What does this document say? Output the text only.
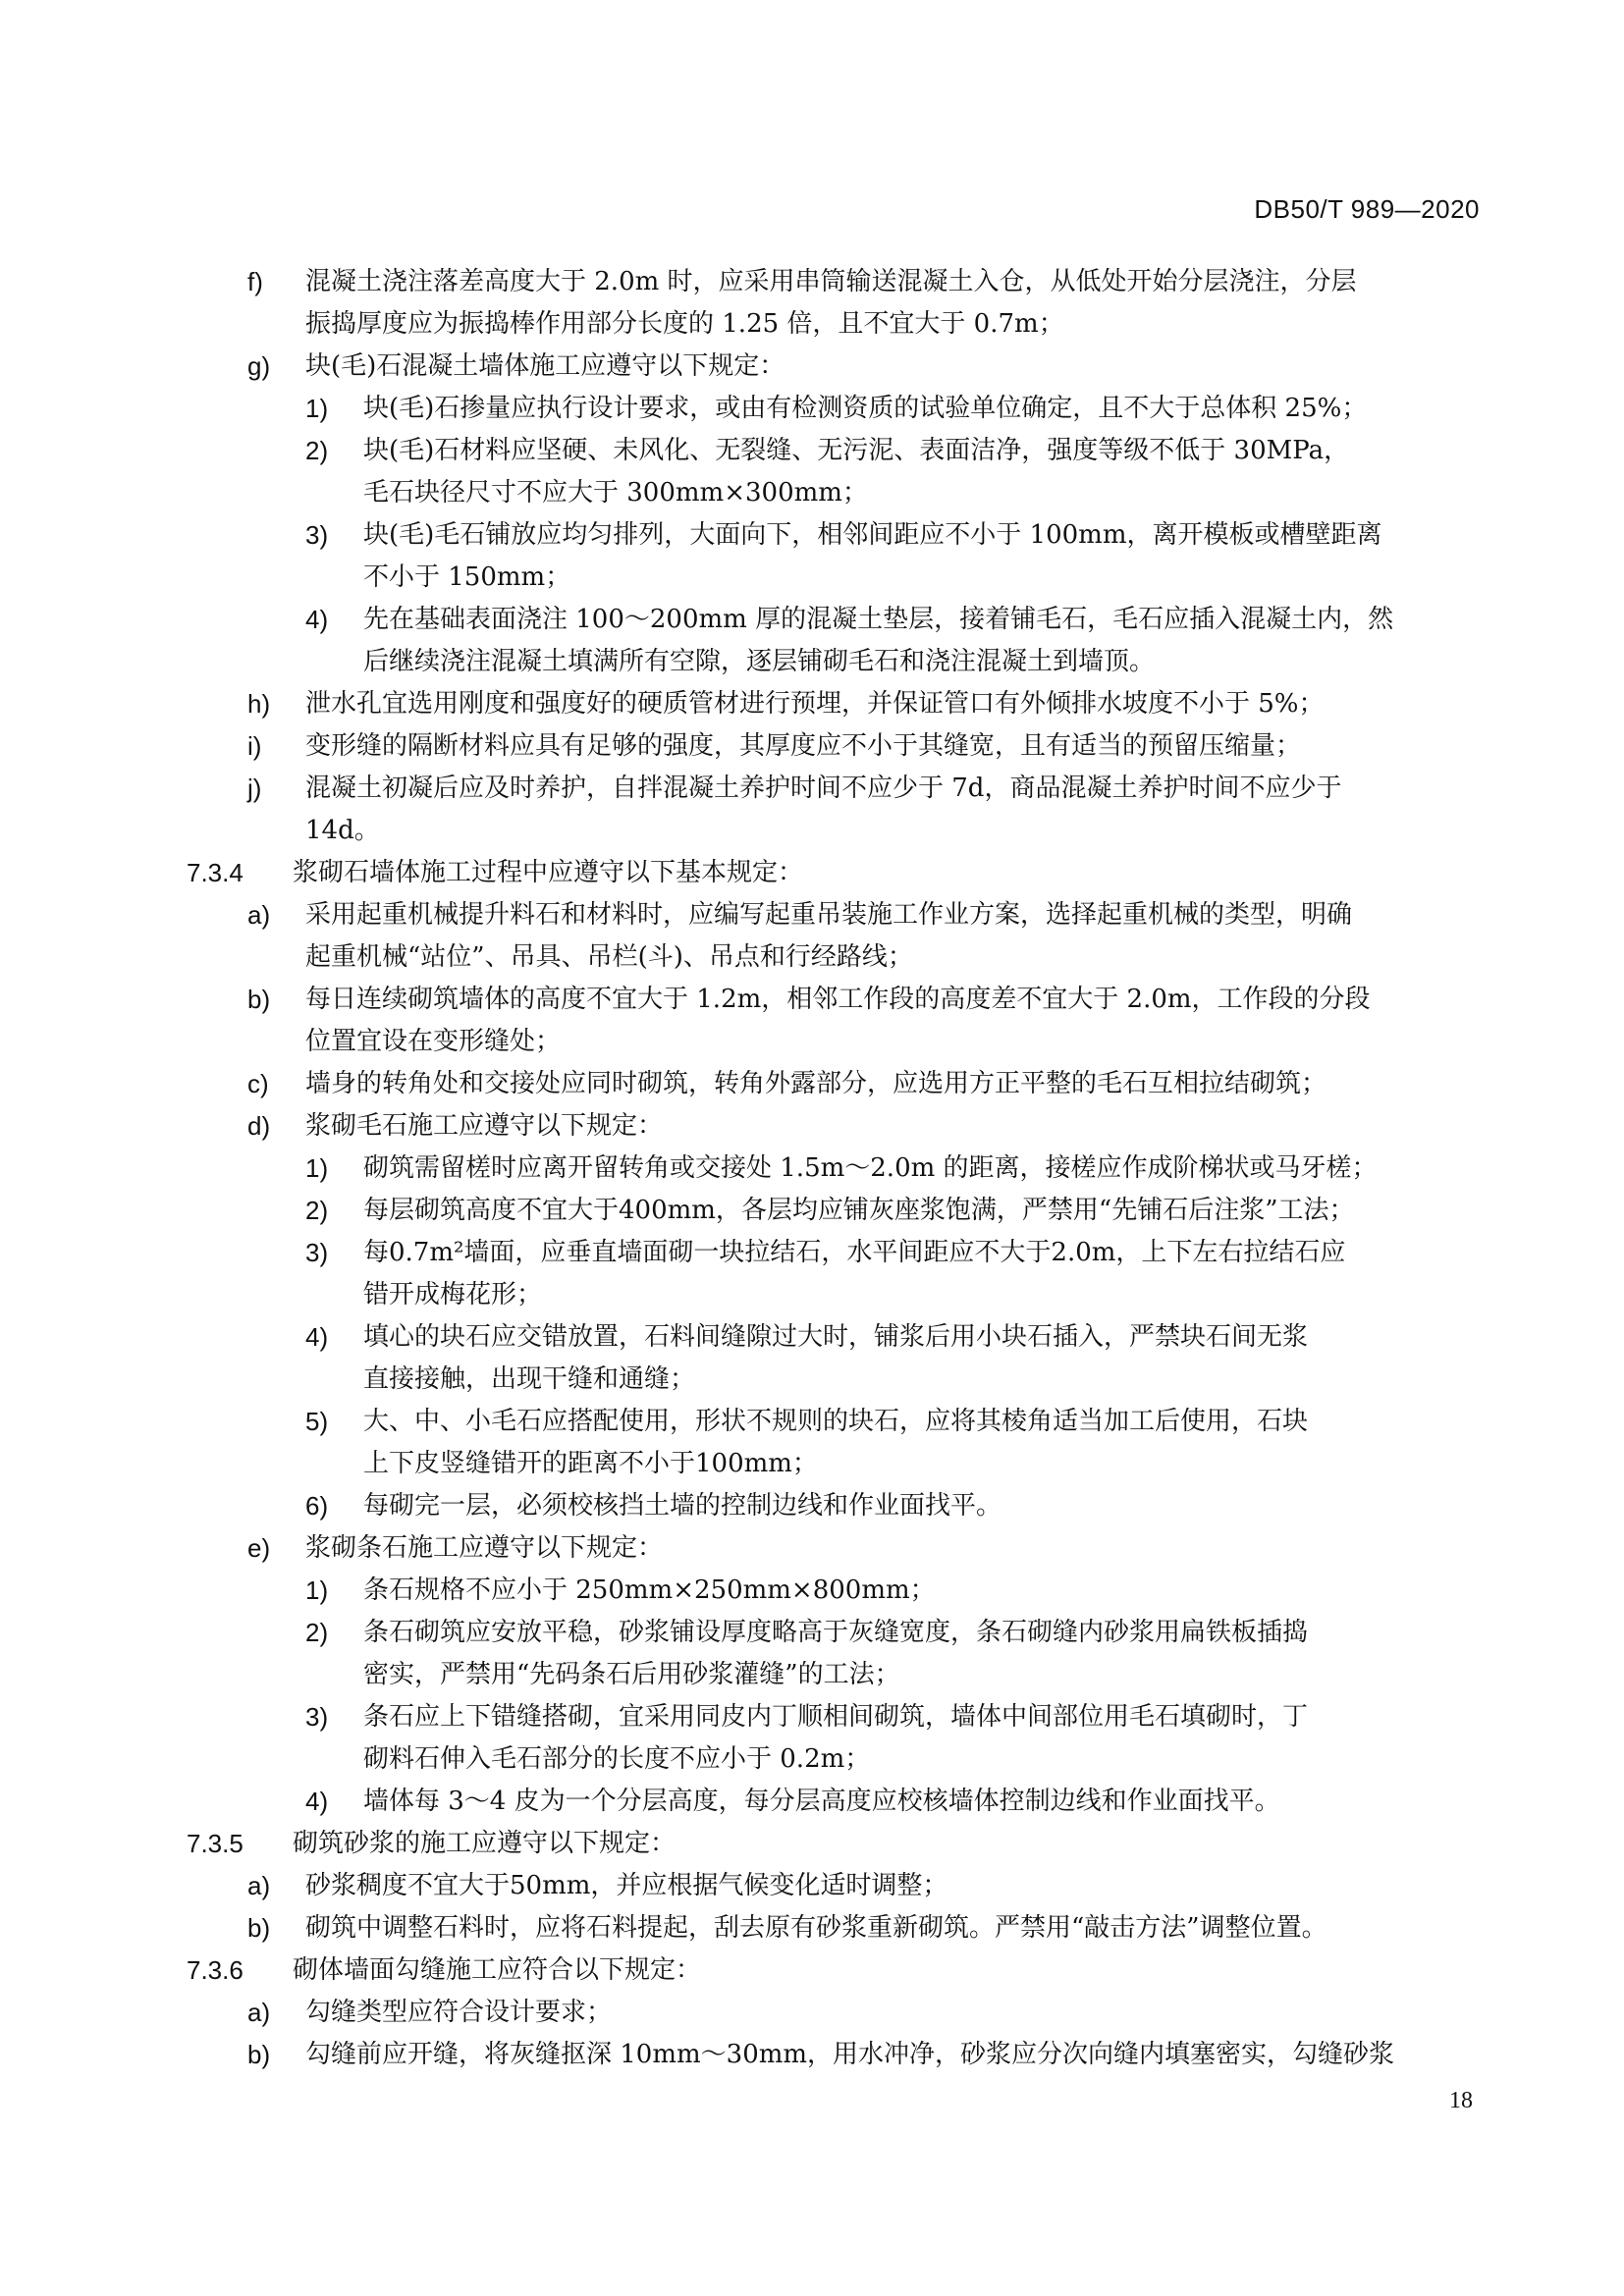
DB50/T 989—2020
f) 混凝土浇注落差高度大于 2.0m 时，应采用串筒输送混凝土入仓，从低处开始分层浇注，分层
振捣厚度应为振捣棒作用部分长度的 1.25 倍，且不宜大于 0.7m；
g) 块(毛)石混凝土墙体施工应遵守以下规定：
1) 块(毛)石掺量应执行设计要求，或由有检测资质的试验单位确定，且不大于总体积 25%；
2) 块(毛)石材料应坚硬、未风化、无裂缝、无污泥、表面洁净，强度等级不低于 30MPa，
毛石块径尺寸不应大于 300mm×300mm；
3) 块(毛)毛石铺放应均匀排列，大面向下，相邻间距应不小于 100mm，离开模板或槽壁距离
不小于 150mm；
4) 先在基础表面浇注 100～200mm 厚的混凝土垫层，接着铺毛石，毛石应插入混凝土内，然
后继续浇注混凝土填满所有空隙，逐层铺砌毛石和浇注混凝土到墙顶。
h) 泄水孔宜选用刚度和强度好的硬质管材进行预埋，并保证管口有外倾排水坡度不小于 5%；
i) 变形缝的隔断材料应具有足够的强度，其厚度应不小于其缝宽，且有适当的预留压缩量；
j) 混凝土初凝后应及时养护，自拌混凝土养护时间不应少于 7d，商品混凝土养护时间不应少于
14d。
7.3.4 浆砌石墙体施工过程中应遵守以下基本规定：
a) 采用起重机械提升料石和材料时，应编写起重吊装施工作业方案，选择起重机械的类型，明确
起重机械“站位”、吊具、吊栏(斗)、吊点和行经路线；
b) 每日连续砌筑墙体的高度不宜大于 1.2m，相邻工作段的高度差不宜大于 2.0m，工作段的分段
位置宜设在变形缝处；
c) 墙身的转角处和交接处应同时砌筑，转角外露部分，应选用方正平整的毛石互相拉结砌筑；
d) 浆砌毛石施工应遵守以下规定：
1) 砌筑需留槎时应离开留转角或交接处 1.5m～2.0m 的距离，接槎应作成阶梯状或马牙槎；
2) 每层砌筑高度不宜大于400mm，各层均应铺灰座浆饱满，严禁用“先铺石后注浆”工法；
3) 每0.7m²墙面，应垂直墙面砌一块拉结石，水平间距应不大于2.0m，上下左右拉结石应
错开成梅花形；
4) 填心的块石应交错放置，石料间缝隙过大时，铺浆后用小块石插入，严禁块石间无浆
直接接触，出现干缝和通缝；
5) 大、中、小毛石应搭配使用，形状不规则的块石，应将其棱角适当加工后使用，石块
上下皮竖缝错开的距离不小于100mm；
6) 每砌完一层，必须校核挡土墙的控制边线和作业面找平。
e) 浆砌条石施工应遵守以下规定：
1) 条石规格不应小于 250mm×250mm×800mm；
2) 条石砌筑应安放平稳，砂浆铺设厚度略高于灰缝宽度，条石砌缝内砂浆用扁铁板插捣
密实，严禁用“先码条石后用砂浆灌缝”的工法；
3) 条石应上下错缝搭砌，宜采用同皮内丁顺相间砌筑，墙体中间部位用毛石填砌时，丁
砌料石伸入毛石部分的长度不应小于 0.2m；
4) 墙体每 3～4 皮为一个分层高度，每分层高度应校核墙体控制边线和作业面找平。
7.3.5 砌筑砂浆的施工应遵守以下规定：
a) 砂浆稠度不宜大于50mm，并应根据气候变化适时调整；
b) 砌筑中调整石料时，应将石料提起，刮去原有砂浆重新砌筑。严禁用“敲击方法”调整位置。
7.3.6 砌体墙面勾缝施工应符合以下规定：
a) 勾缝类型应符合设计要求；
b) 勾缝前应开缝，将灰缝抠深 10mm～30mm，用水冲净，砂浆应分次向缝内填塞密实，勾缝砂浆
18
